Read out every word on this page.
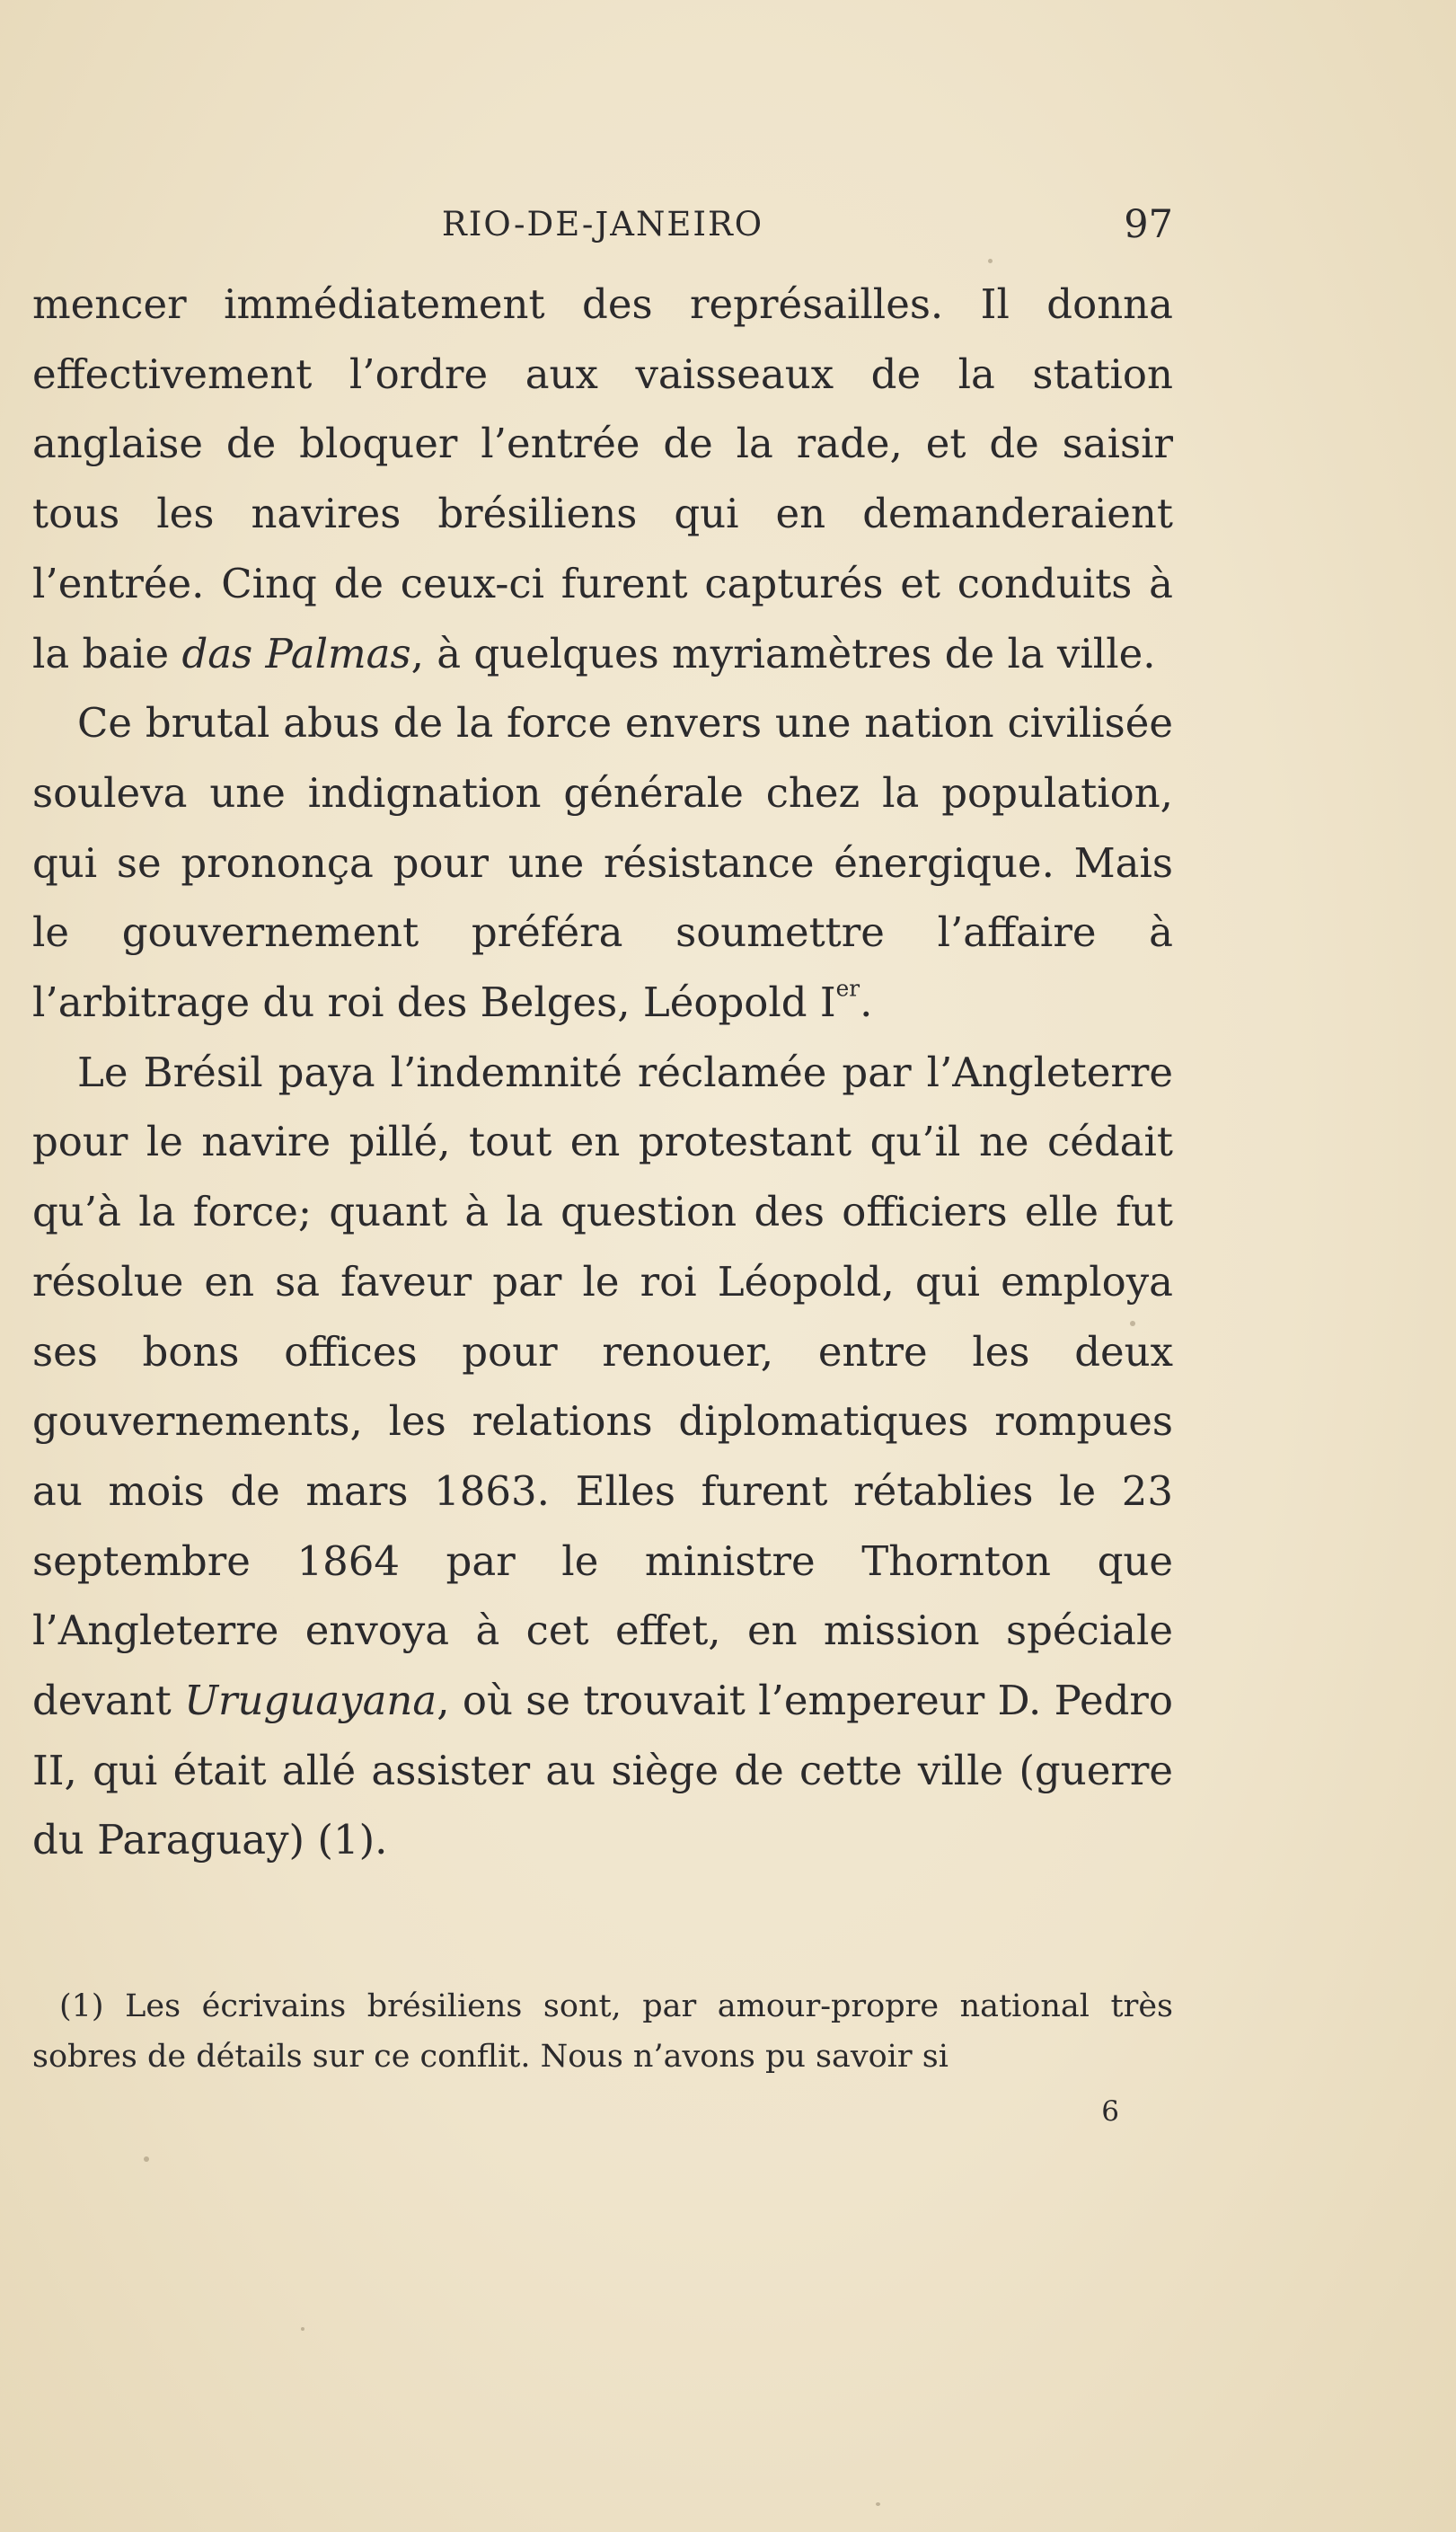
RIO-DE-JANEIRO	97

mencer immédiatement des représailles. Il donna effectivement l’ordre aux vaisseaux de la station anglaise de bloquer l’entrée de la rade, et de saisir tous les navires brésiliens qui en demanderaient l’entrée. Cinq de ceux-ci furent capturés et conduits à la baie das Palmas, à quelques myriamètres de la ville.

Ce brutal abus de la force envers une nation civilisée souleva une indignation générale chez la population, qui se prononça pour une résistance énergique. Mais le gouvernement préféra soumettre l’affaire à l’arbitrage du roi des Belges, Léopold Ier.

Le Brésil paya l’indemnité réclamée par l’Angleterre pour le navire pillé, tout en protestant qu’il ne cédait qu’à la force; quant à la question des officiers elle fut résolue en sa faveur par le roi Léopold, qui employa ses bons offices pour renouer, entre les deux gouvernements, les relations diplomatiques rompues au mois de mars 1863. Elles furent rétablies le 23 septembre 1864 par le ministre Thornton que l’Angleterre envoya à cet effet, en mission spéciale devant Uruguayana, où se trouvait l’empereur D. Pedro II, qui était allé assister au siège de cette ville (guerre du Paraguay) (1).

(1) Les écrivains brésiliens sont, par amour-propre national très sobres de détails sur ce conflit. Nous n’avons pu savoir si

6
